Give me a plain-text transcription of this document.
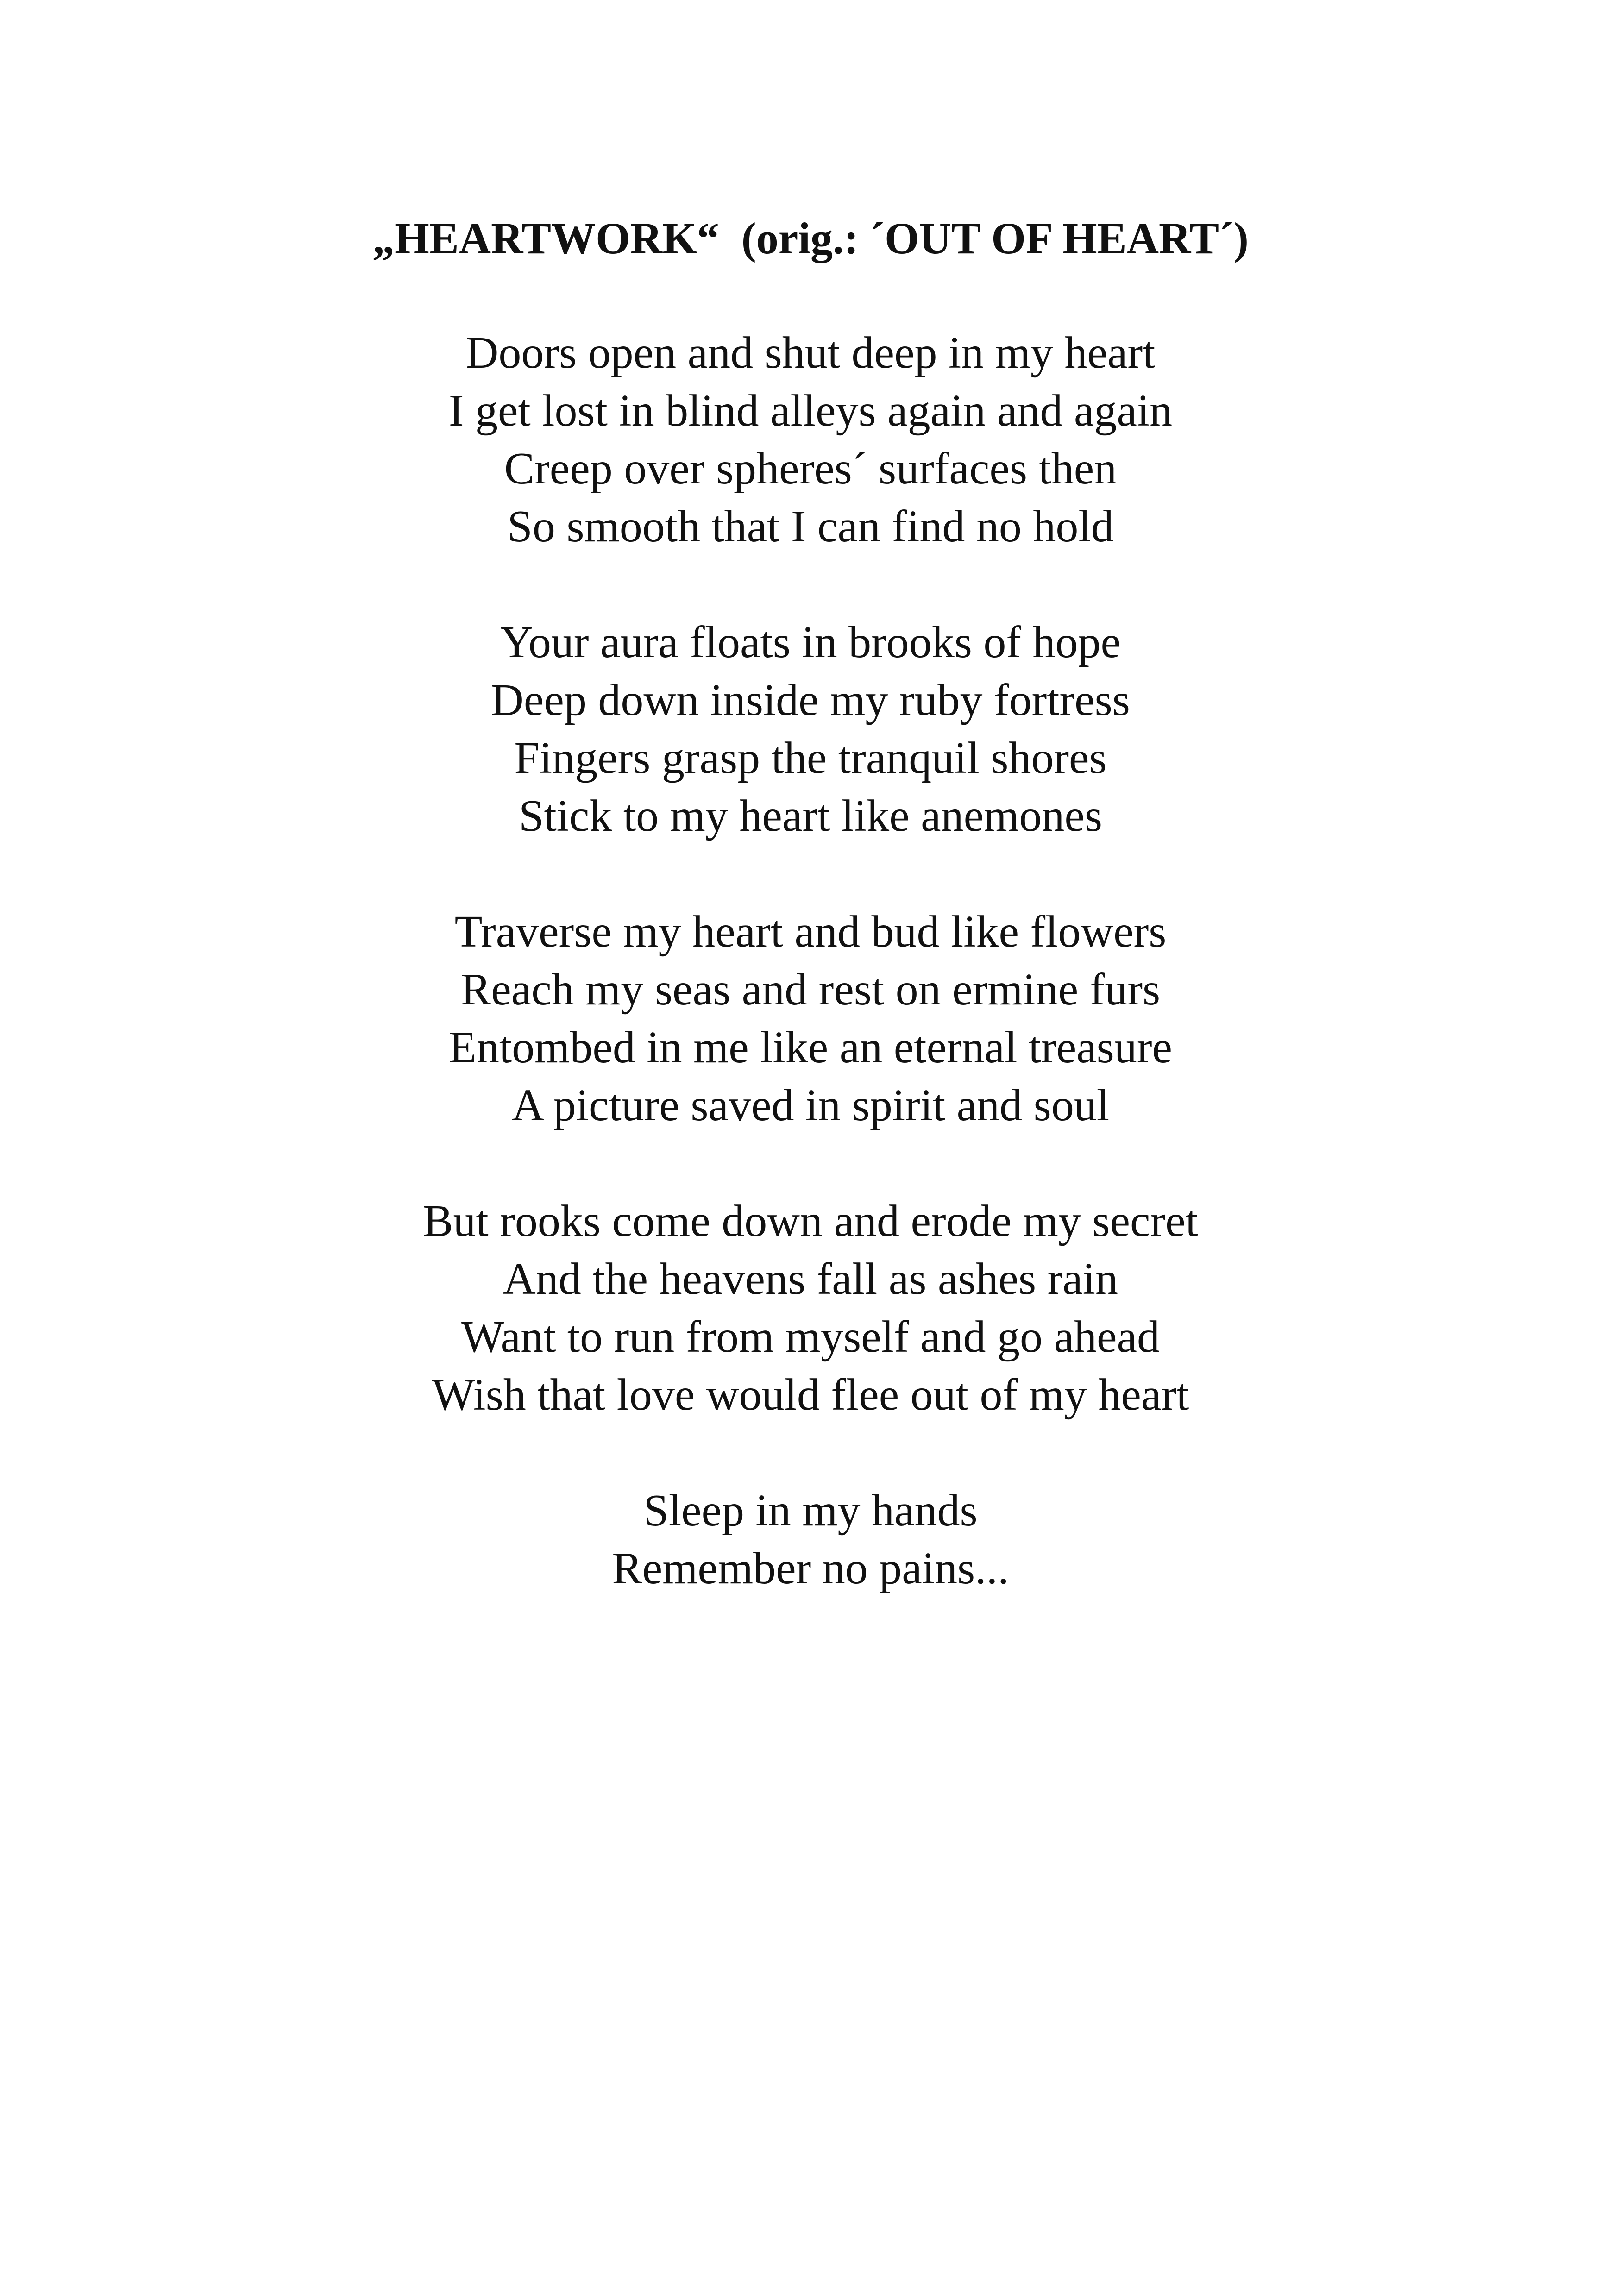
„HEARTWORK“  (orig.: ´OUT OF HEART´)
Doors open and shut deep in my heart
I get lost in blind alleys again and again
Creep over spheres´ surfaces then
So smooth that I can find no hold
Your aura floats in brooks of hope
Deep down inside my ruby fortress
Fingers grasp the tranquil shores
Stick to my heart like anemones
Traverse my heart and bud like flowers
Reach my seas and rest on ermine furs
Entombed in me like an eternal treasure
A picture saved in spirit and soul
But rooks come down and erode my secret
And the heavens fall as ashes rain
Want to run from myself and go ahead
Wish that love would flee out of my heart
Sleep in my hands
Remember no pains...
